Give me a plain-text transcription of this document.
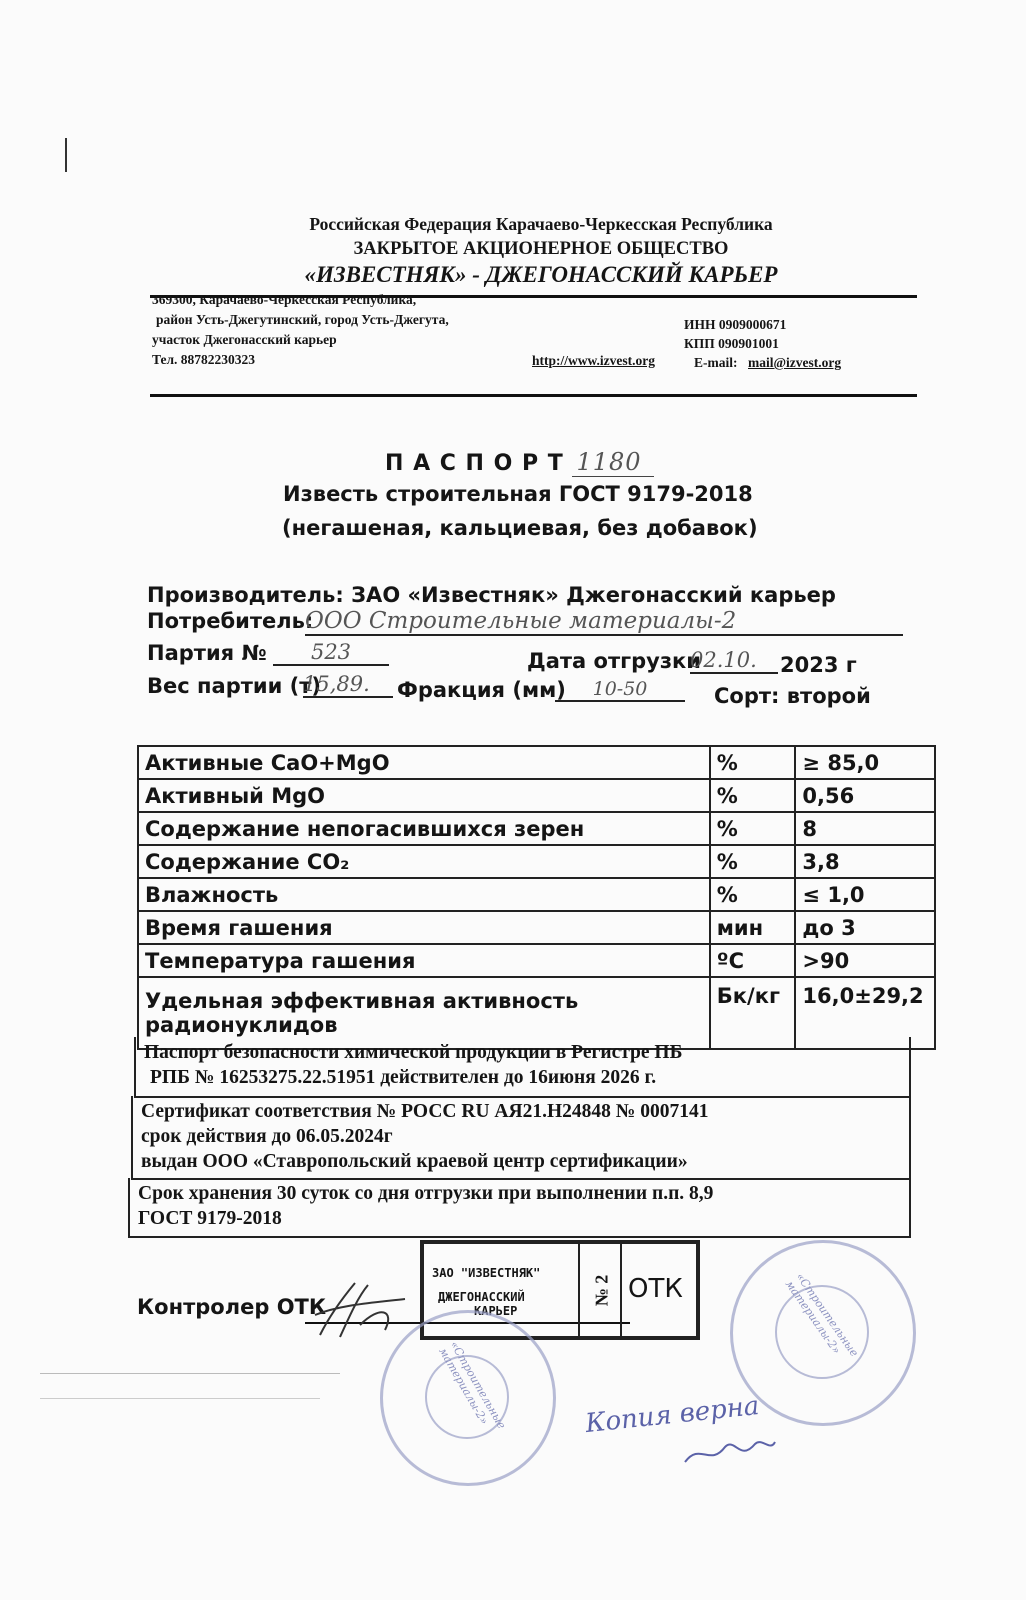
Российская Федерация Карачаево-Черкесская Республика
ЗАКРЫТОЕ АКЦИОНЕРНОЕ ОБЩЕСТВО
«ИЗВЕСТНЯК» - ДЖЕГОНАССКИЙ КАРЬЕР
369300, Карачаево-Черкесская Республика,
район Усть-Джегутинский, город Усть-Джегута,
участок Джегонасский карьер
Тел. 88782230323
ИНН 0909000671
КПП 090901001
http://www.izvest.org	E-mail: mail@izvest.org
П А С П О Р Т 1180
Известь строительная ГОСТ 9179-2018
(негашеная, кальциевая, без добавок)
Производитель: ЗАО «Известняк» Джегонасский карьер
Потребитель:
ООО Строительные материалы-2
Партия №	523	Дата отгрузки
02.10.	2023 г
Вес партии (т)
15,89.	Фракция (мм)	10-50	Сорт: второй
Активные CaO+MgO	%	≥ 85,0
Активный MgO	%	0,56
Содержание непогасившихся зерен	%	8
Содержание CO₂	%	3,8
Влажность	%	≤ 1,0
Время гашения	мин	до 3
Температура гашения	ºС	>90
Удельная эффективная активность радионуклидов	Бк/кг	16,0±29,2
Паспорт безопасности химической продукции в Регистре ПБ
РПБ № 16253275.22.51951 действителен до 16июня 2026 г.
Сертификат соответствия № РОСС RU АЯ21.Н24848 № 0007141
срок действия до 06.05.2024г
выдан ООО «Ставропольский краевой центр сертификации»
Срок хранения 30 суток со дня отгрузки при выполнении п.п. 8,9
ГОСТ 9179-2018
Контролер ОТК
ЗАО "ИЗВЕСТНЯК"
ДЖЕГОНАССКИЙ
КАРЬЕР
№ 2 ОТК
«Строительные материалы-2»
«Строительные материалы-2»
Копия верна
